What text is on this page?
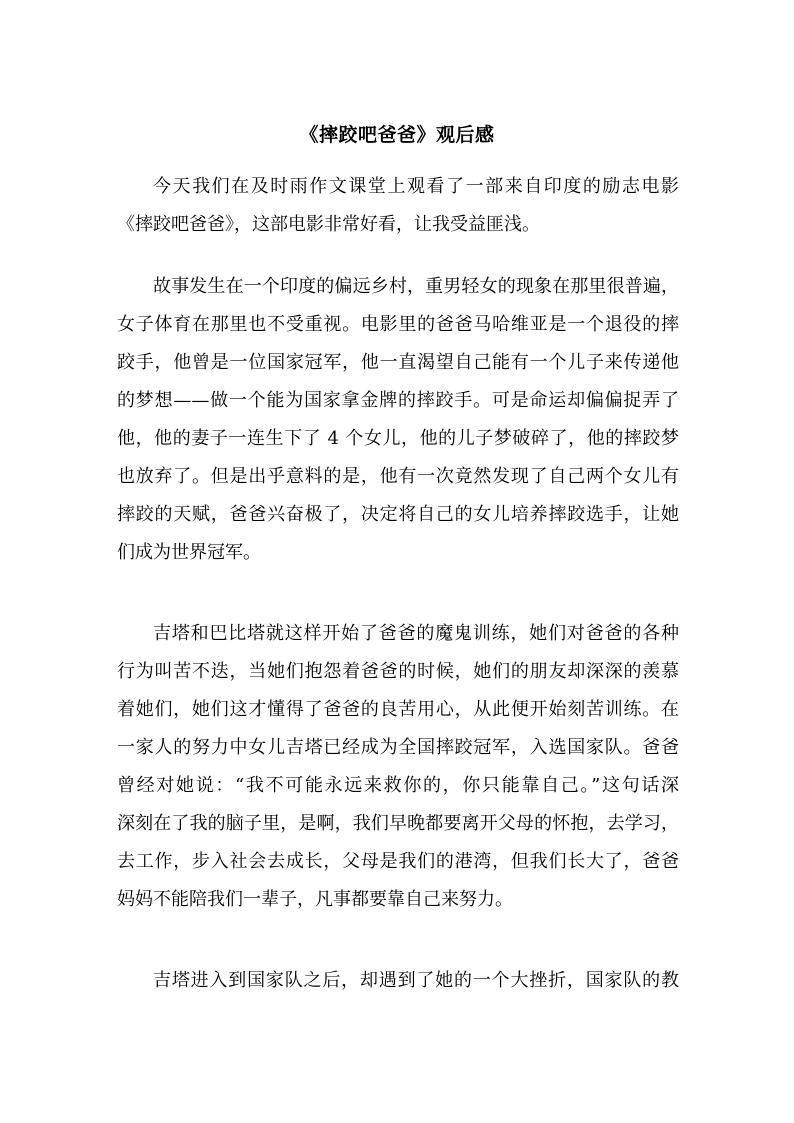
《摔跤吧爸爸》观后感
今天我们在及时雨作文课堂上观看了一部来自印度的励志电影
《摔跤吧爸爸》，这部电影非常好看，让我受益匪浅。
故事发生在一个印度的偏远乡村，重男轻女的现象在那里很普遍，
女子体育在那里也不受重视。电影里的爸爸马哈维亚是一个退役的摔
跤手，他曾是一位国家冠军，他一直渴望自己能有一个儿子来传递他
的梦想——做一个能为国家拿金牌的摔跤手。可是命运却偏偏捉弄了
他，他的妻子一连生下了 4 个女儿，他的儿子梦破碎了，他的摔跤梦
也放弃了。但是出乎意料的是，他有一次竟然发现了自己两个女儿有
摔跤的天赋，爸爸兴奋极了，决定将自己的女儿培养摔跤选手，让她
们成为世界冠军。
吉塔和巴比塔就这样开始了爸爸的魔鬼训练，她们对爸爸的各种
行为叫苦不迭，当她们抱怨着爸爸的时候，她们的朋友却深深的羡慕
着她们，她们这才懂得了爸爸的良苦用心，从此便开始刻苦训练。在
一家人的努力中女儿吉塔已经成为全国摔跤冠军，入选国家队。爸爸
曾经对她说：“我不可能永远来救你的，你只能靠自己。”这句话深
深刻在了我的脑子里，是啊，我们早晚都要离开父母的怀抱，去学习，
去工作，步入社会去成长，父母是我们的港湾，但我们长大了，爸爸
妈妈不能陪我们一辈子，凡事都要靠自己来努力。
吉塔进入到国家队之后，却遇到了她的一个大挫折，国家队的教
